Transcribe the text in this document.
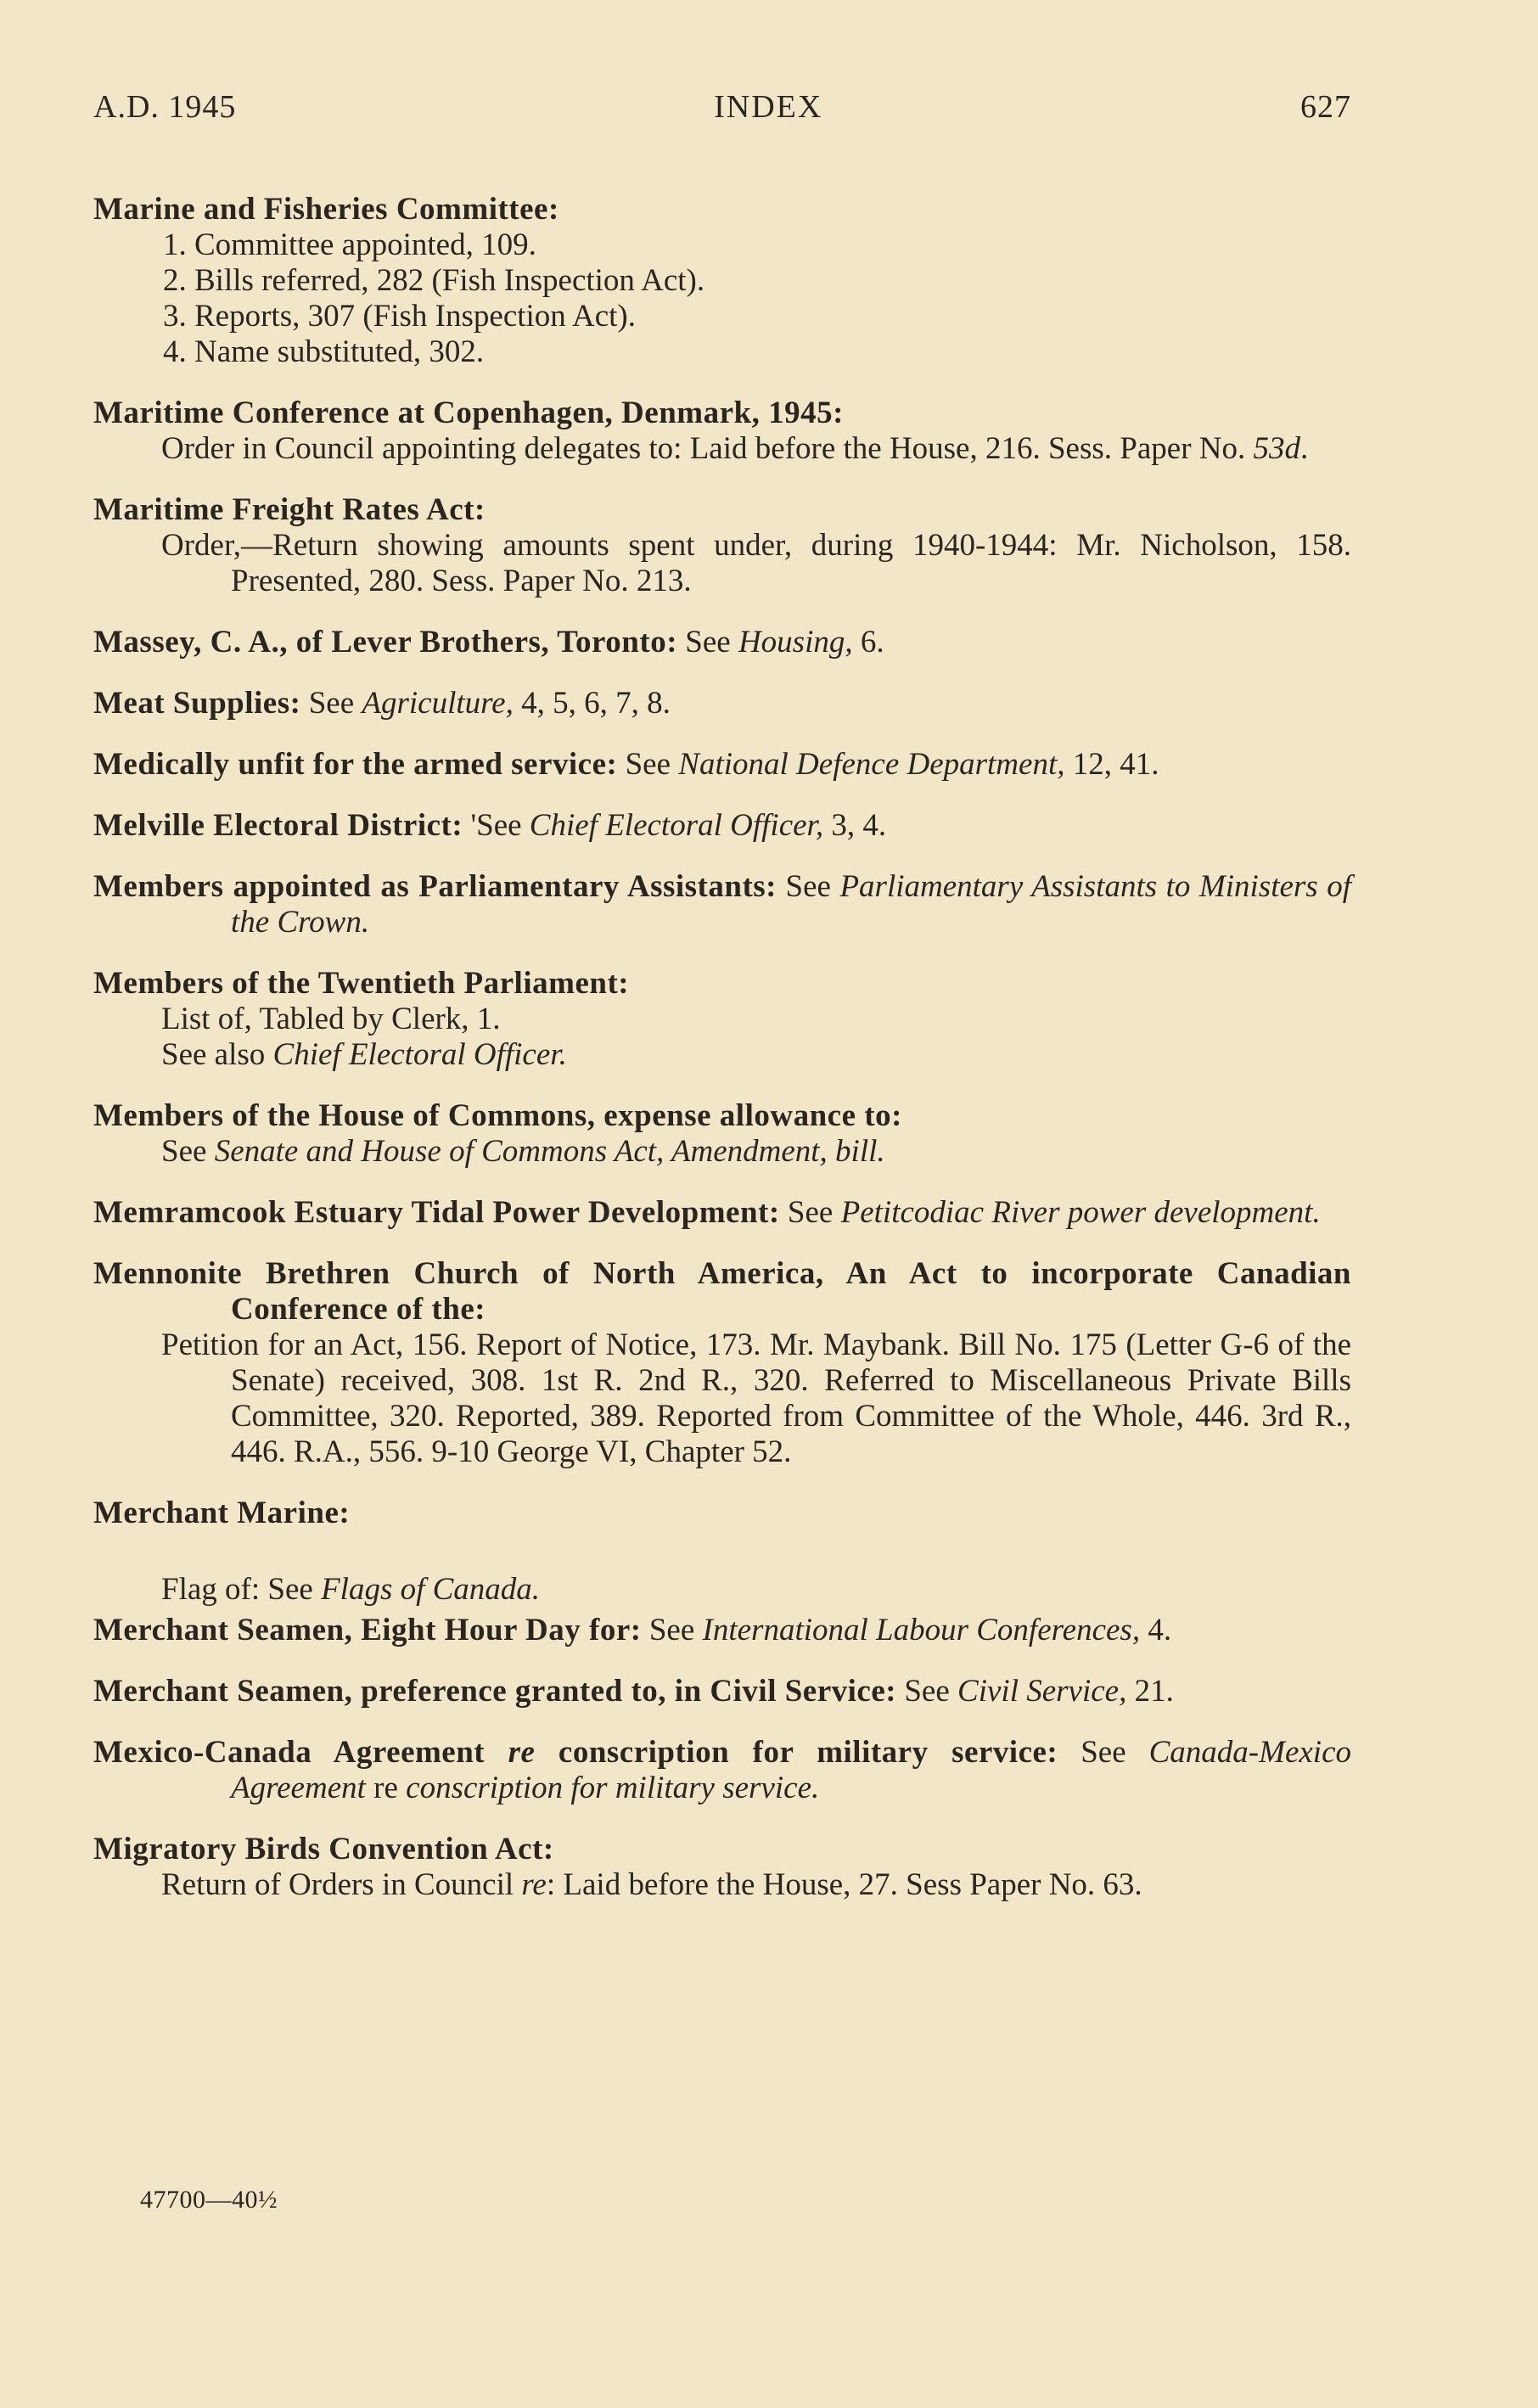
A.D. 1945	INDEX	627
Marine and Fisheries Committee:
1. Committee appointed, 109.
2. Bills referred, 282 (Fish Inspection Act).
3. Reports, 307 (Fish Inspection Act).
4. Name substituted, 302.
Maritime Conference at Copenhagen, Denmark, 1945:
Order in Council appointing delegates to: Laid before the House, 216. Sess. Paper No. 53d.
Maritime Freight Rates Act:
Order,—Return showing amounts spent under, during 1940-1944: Mr. Nicholson, 158. Presented, 280. Sess. Paper No. 213.
Massey, C. A., of Lever Brothers, Toronto: See Housing, 6.
Meat Supplies: See Agriculture, 4, 5, 6, 7, 8.
Medically unfit for the armed service: See National Defence Department, 12, 41.
Melville Electoral District: 'See Chief Electoral Officer, 3, 4.
Members appointed as Parliamentary Assistants: See Parliamentary Assistants to Ministers of the Crown.
Members of the Twentieth Parliament:
List of, Tabled by Clerk, 1.
See also Chief Electoral Officer.
Members of the House of Commons, expense allowance to:
See Senate and House of Commons Act, Amendment, bill.
Memramcook Estuary Tidal Power Development: See Petitcodiac River power development.
Mennonite Brethren Church of North America, An Act to incorporate Canadian Conference of the:
Petition for an Act, 156. Report of Notice, 173. Mr. Maybank. Bill No. 175 (Letter G-6 of the Senate) received, 308. 1st R. 2nd R., 320. Referred to Miscellaneous Private Bills Committee, 320. Reported, 389. Reported from Committee of the Whole, 446. 3rd R., 446. R.A., 556. 9-10 George VI, Chapter 52.
Merchant Marine:
Flag of: See Flags of Canada.
Merchant Seamen, Eight Hour Day for: See International Labour Conferences, 4.
Merchant Seamen, preference granted to, in Civil Service: See Civil Service, 21.
Mexico-Canada Agreement re conscription for military service: See Canada-Mexico Agreement re conscription for military service.
Migratory Birds Convention Act:
Return of Orders in Council re: Laid before the House, 27. Sess Paper No. 63.
47700—40½
